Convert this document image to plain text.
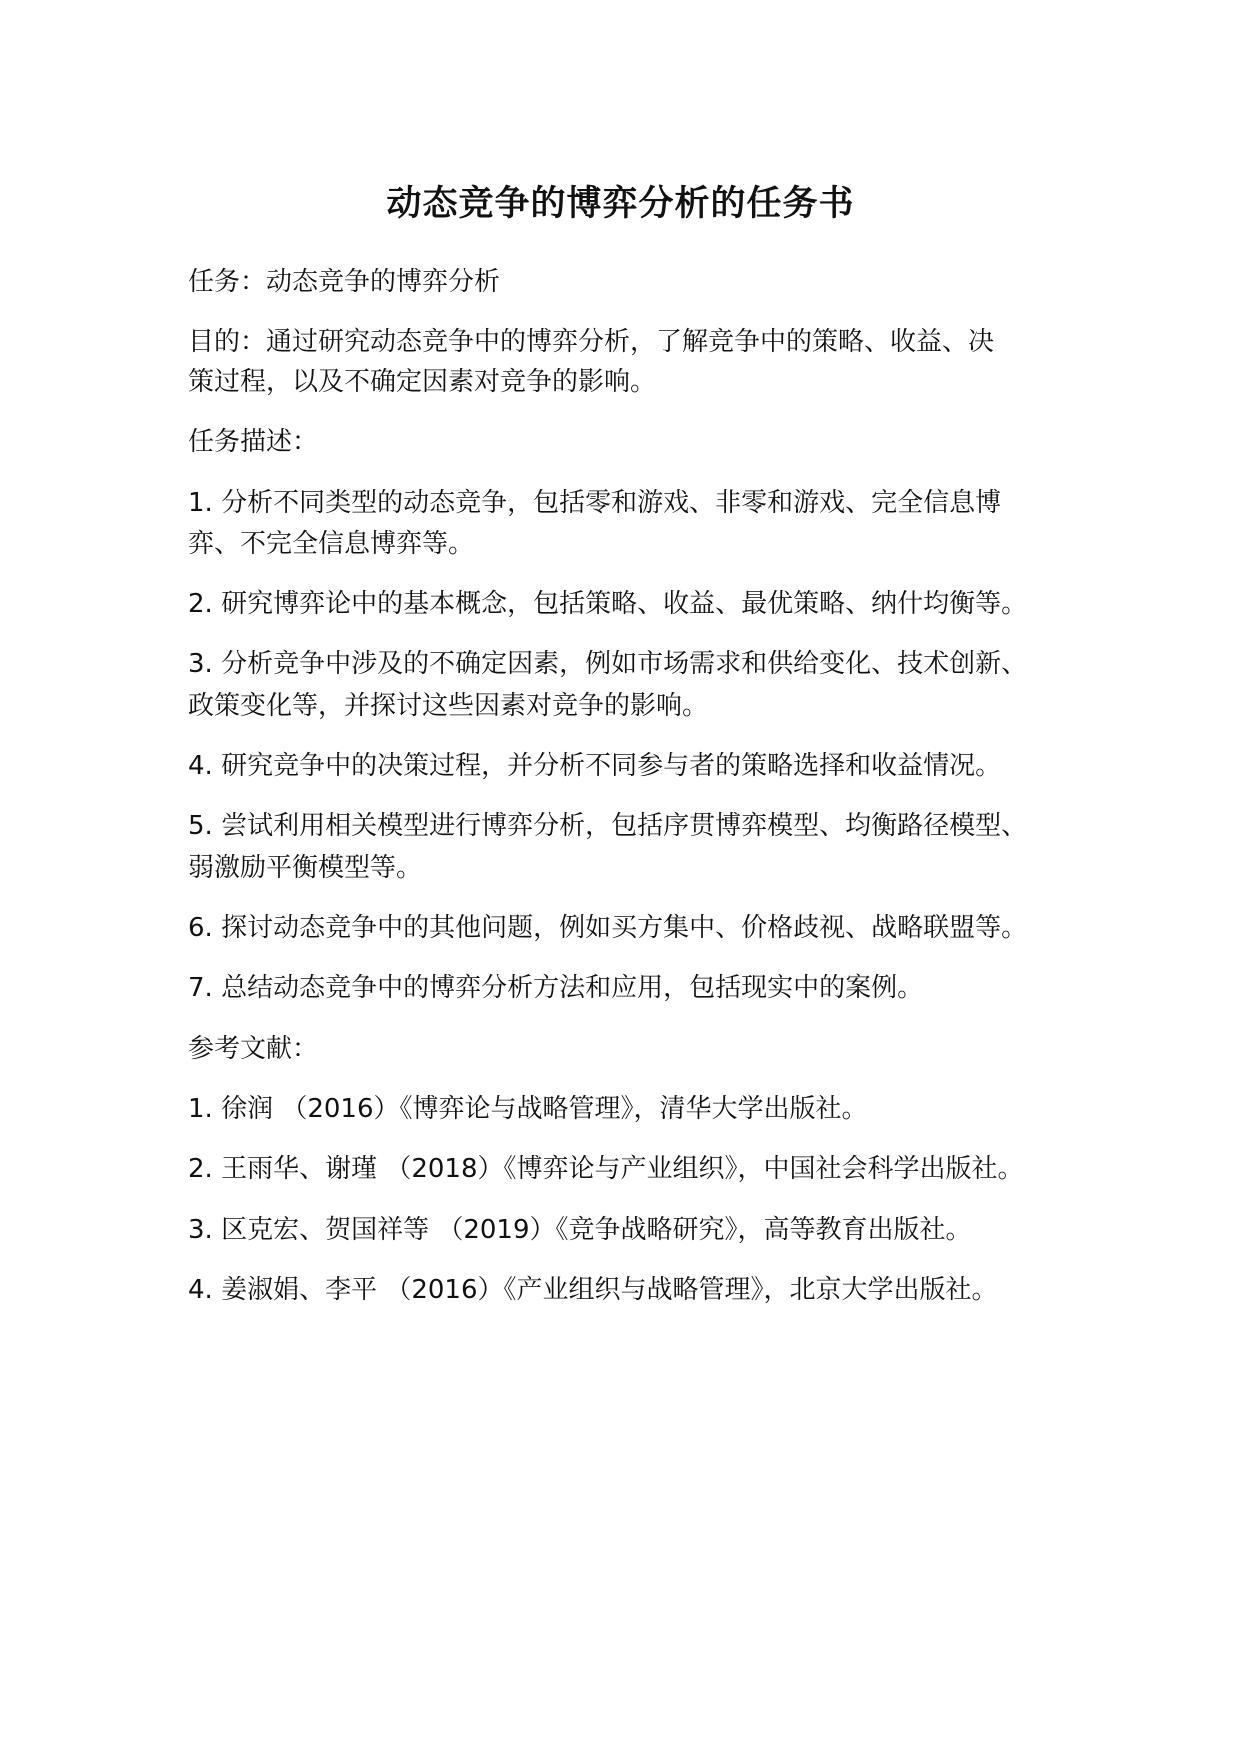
动态竞争的博弈分析的任务书
任务：动态竞争的博弈分析
目的：通过研究动态竞争中的博弈分析，了解竞争中的策略、收益、决
策过程，以及不确定因素对竞争的影响。
任务描述：
1. 分析不同类型的动态竞争，包括零和游戏、非零和游戏、完全信息博
弈、不完全信息博弈等。
2. 研究博弈论中的基本概念，包括策略、收益、最优策略、纳什均衡等。
3. 分析竞争中涉及的不确定因素，例如市场需求和供给变化、技术创新、
政策变化等，并探讨这些因素对竞争的影响。
4. 研究竞争中的决策过程，并分析不同参与者的策略选择和收益情况。
5. 尝试利用相关模型进行博弈分析，包括序贯博弈模型、均衡路径模型、
弱激励平衡模型等。
6. 探讨动态竞争中的其他问题，例如买方集中、价格歧视、战略联盟等。
7. 总结动态竞争中的博弈分析方法和应用，包括现实中的案例。
参考文献：
1. 徐润 （2016）《博弈论与战略管理》，清华大学出版社。
2. 王雨华、谢瑾 （2018）《博弈论与产业组织》，中国社会科学出版社。
3. 区克宏、贺国祥等 （2019）《竞争战略研究》，高等教育出版社。
4. 姜淑娟、李平 （2016）《产业组织与战略管理》，北京大学出版社。
